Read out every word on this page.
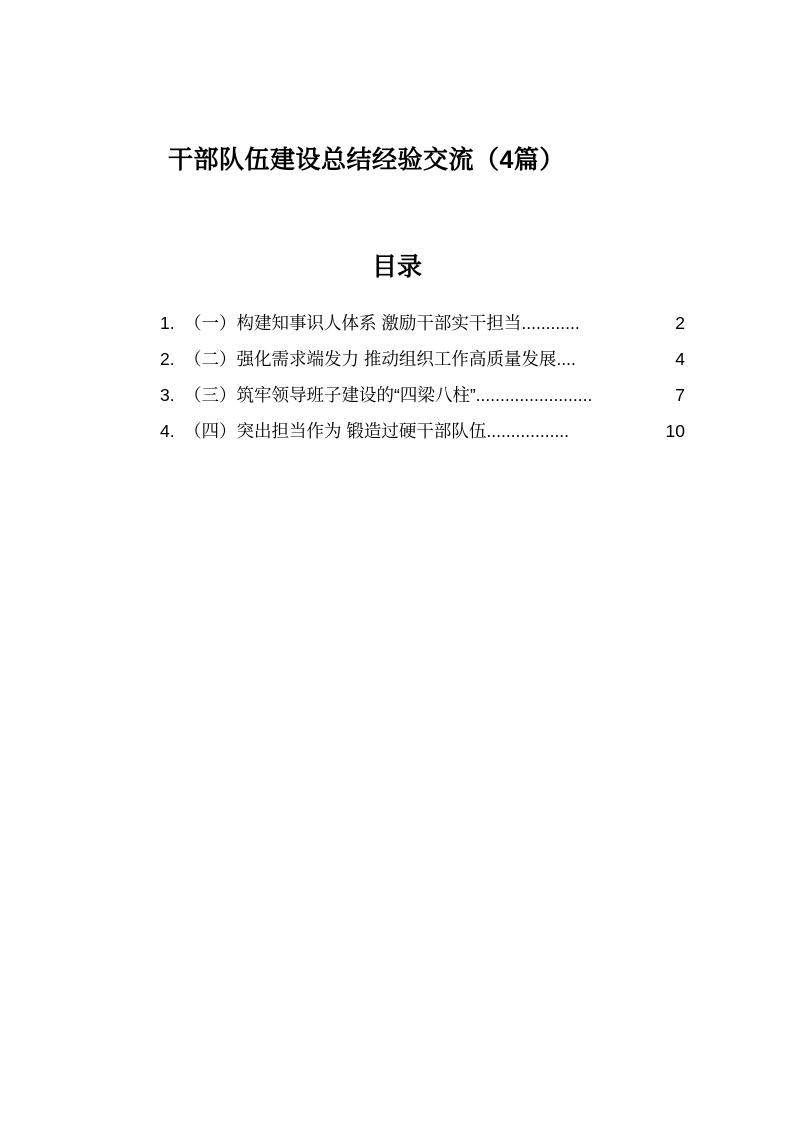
干部队伍建设总结经验交流（4篇）
目录
1. （一）构建知事识人体系 激励干部实干担当 ............	2
2. （二）强化需求端发力 推动组织工作高质量发展 ....	4
3. （三）筑牢领导班子建设的“四梁八柱” ........................	7
4. （四）突出担当作为 锻造过硬干部队伍 .................	10
